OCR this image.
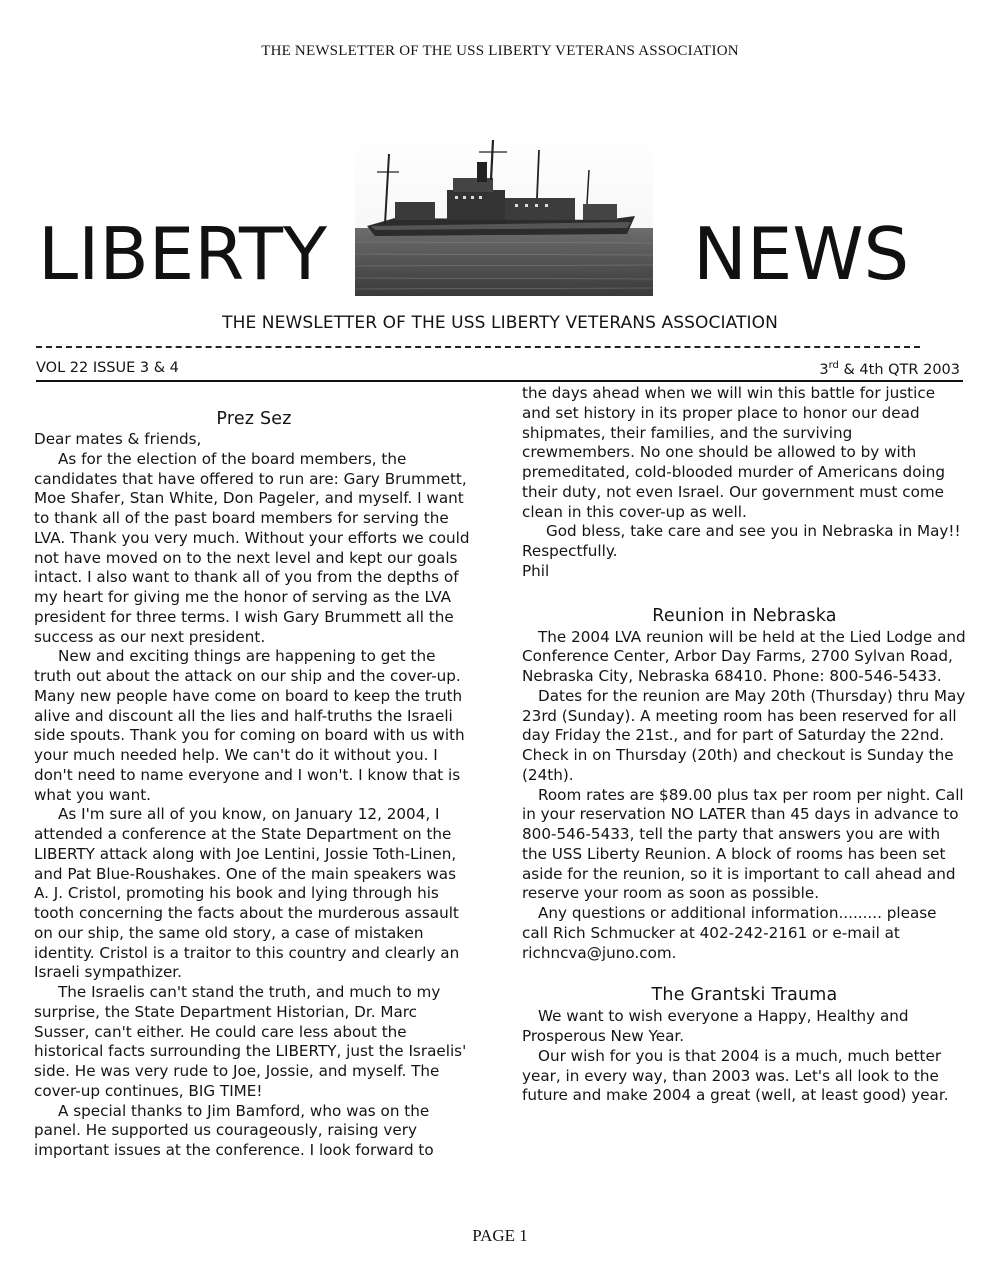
THE NEWSLETTER OF THE USS LIBERTY VETERANS ASSOCIATION
LIBERTY	NEWS
THE NEWSLETTER OF THE USS LIBERTY VETERANS ASSOCIATION
VOL 22 ISSUE 3 & 4	3rd & 4th QTR 2003
Prez Sez

Dear mates & friends,

As for the election of the board members, the candidates that have offered to run are: Gary Brummett, Moe Shafer, Stan White, Don Pageler, and myself. I want to thank all of the past board members for serving the LVA. Thank you very much. Without your efforts we could not have moved on to the next level and kept our goals intact. I also want to thank all of you from the depths of my heart for giving me the honor of serving as the LVA president for three terms. I wish Gary Brummett all the success as our next president.

New and exciting things are happening to get the truth out about the attack on our ship and the cover-up. Many new people have come on board to keep the truth alive and discount all the lies and half-truths the Israeli side spouts. Thank you for coming on board with us with your much needed help. We can't do it without you. I don't need to name everyone and I won't. I know that is what you want.

As I'm sure all of you know, on January 12, 2004, I attended a conference at the State Department on the LIBERTY attack along with Joe Lentini, Jossie Toth-Linen, and Pat Blue-Roushakes. One of the main speakers was A. J. Cristol, promoting his book and lying through his tooth concerning the facts about the murderous assault on our ship, the same old story, a case of mistaken identity. Cristol is a traitor to this country and clearly an Israeli sympathizer.

The Israelis can't stand the truth, and much to my surprise, the State Department Historian, Dr. Marc Susser, can't either. He could care less about the historical facts surrounding the LIBERTY, just the Israelis' side. He was very rude to Joe, Jossie, and myself. The cover-up continues, BIG TIME!

A special thanks to Jim Bamford, who was on the panel. He supported us courageously, raising very important issues at the conference. I look forward to

the days ahead when we will win this battle for justice and set history in its proper place to honor our dead shipmates, their families, and the surviving crewmembers. No one should be allowed to by with premeditated, cold-blooded murder of Americans doing their duty, not even Israel. Our government must come clean in this cover-up as well.

God bless, take care and see you in Nebraska in May!!

Respectfully.

Phil

Reunion in Nebraska

The 2004 LVA reunion will be held at the Lied Lodge and Conference Center, Arbor Day Farms, 2700 Sylvan Road, Nebraska City, Nebraska 68410. Phone: 800-546-5433.

Dates for the reunion are May 20th (Thursday) thru May 23rd (Sunday). A meeting room has been reserved for all day Friday the 21st., and for part of Saturday the 22nd. Check in on Thursday (20th) and checkout is Sunday the (24th).

Room rates are $89.00 plus tax per room per night. Call in your reservation NO LATER than 45 days in advance to 800-546-5433, tell the party that answers you are with the USS Liberty Reunion. A block of rooms has been set aside for the reunion, so it is important to call ahead and reserve your room as soon as possible.

Any questions or additional information......... please call Rich Schmucker at 402-242-2161 or e-mail at richncva@juno.com.

The Grantski Trauma

We want to wish everyone a Happy, Healthy and Prosperous New Year.

Our wish for you is that 2004 is a much, much better year, in every way, than 2003 was. Let's all look to the future and make 2004 a great (well, at least good) year.

PAGE 1
